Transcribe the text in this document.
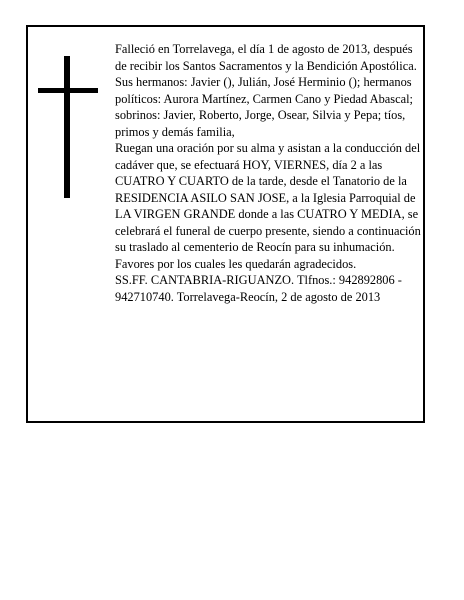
Falleció en Torrelavega, el día 1 de agosto de 2013, después de recibir los Santos Sacramentos y la Bendición Apostólica.

Sus hermanos: Javier (), Julián, José Herminio (); hermanos políticos: Aurora Martínez, Carmen Cano y Piedad Abascal; sobrinos: Javier, Roberto, Jorge, Osear, Silvia y Pepa; tíos, primos y demás familia,

Ruegan una oración por su alma y asistan a la conducción del cadáver que, se efectuará HOY, VIERNES, día 2 a las CUATRO Y CUARTO de la tarde, desde el Tanatorio de la RESIDENCIA ASILO SAN JOSE, a la Iglesia Parroquial de LA VIRGEN GRANDE donde a las CUATRO Y MEDIA, se celebrará el funeral de cuerpo presente, siendo a continuación su traslado al cementerio de Reocín para su inhumación. Favores por los cuales les quedarán agradecidos.

SS.FF. CANTABRIA-RIGUANZO. Tlfnos.: 942892806 - 942710740. Torrelavega-Reocín, 2 de agosto de 2013
